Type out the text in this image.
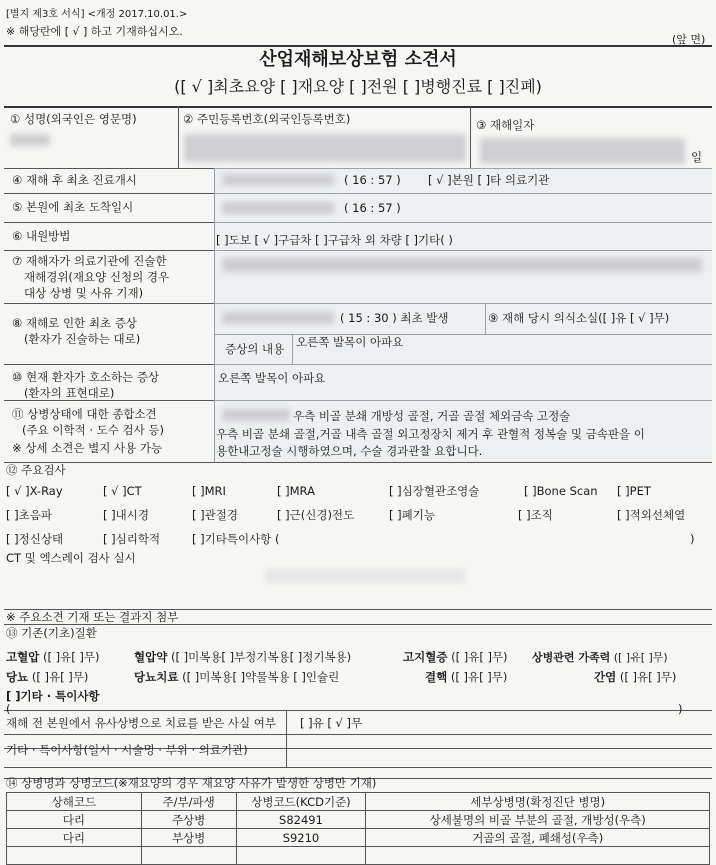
[별지 제3호 서식] <개정 2017.10.01.>
※ 해당란에 [ √ ] 하고 기재하십시오.
(앞 면)
산업재해보상보험 소견서
([ √ ]최초요양 [ ]재요양 [ ]전원 [ ]병행진료 [ ]진폐)
① 성명(외국인은 영문명)	② 주민등록번호(외국인등록번호)	③ 재해일자
일
④ 재해 후 최초 진료개시	( 16 : 57 ) [ √ ]본원 [ ]타 의료기관
⑤ 본원에 최초 도착일시	( 16 : 57 )
⑥ 내원방법	[ ]도보 [ √ ]구급차 [ ]구급차 외 차량 [ ]기타( )
⑦ 재해자가 의료기관에 진술한
재해경위(재요양 신청의 경우
대상 상병 및 사유 기재)
⑧ 재해로 인한 최초 증상
(환자가 진술하는 대로)
( 15 : 30 ) 최초 발생	⑨ 재해 당시 의식소실([ ]유 [ √ ]무)
증상의 내용 오른쪽 발목이 아파요
⑩ 현재 환자가 호소하는 증상
(환자의 표현대로)
오른쪽 발목이 아파요
⑪ 상병상태에 대한 종합소견
(주요 이학적 · 도수 검사 등)
※ 상세 소견은 별지 사용 가능
우측 비골 분쇄 개방성 골절, 거골 골절 체외금속 고정술
우측 비골 분쇄 골절,거골 내측 골절 외고정장치 제거 후 관혈적 정복술 및 금속판을 이
용한내고정술 시행하였으며, 수술 경과관찰 요합니다.
⑫ 주요검사
[ √ ]X-Ray	[ √ ]CT	[ ]MRI	[ ]MRA	[ ]심장혈관조영술	[ ]Bone Scan [ ]PET
[ ]초음파	[ ]내시경	[ ]관절경	[ ]근(신경)전도	[ ]폐기능	[ ]조직	[ ]적외선체열
[ ]정신상태	[ ]심리학적	[ ]기타특이사항 (	)
CT 및 엑스레이 검사 실시
※ 주요소견 기재 또는 결과지 첨부
⑬ 기존(기초)질환
고혈압 ([ ]유[ ]무)	혈압약 ([ ]미복용[ ]부정기복용[ ]정기복용)	고지혈증 ([ ]유[ ]무) 상병관련 가족력 ([ ]유[ ]무)
당뇨 ([ ]유[ ]무)	당뇨치료 ([ ]미복용[ ]약물복용 [ ]인슐린	결핵 ([ ]유[ ]무)	간염 ([ ]유[ ]무)
[ ]기타 · 특이사항
(	)
재해 전 본원에서 유사상병으로 치료를 받은 사실 여부 [ ]유 [ √ ]무
기타 · 특이사항(일시 · 시술명 · 부위 · 의료기관)
⑭ 상병명과 상병코드(※재요양의 경우 재요양 사유가 발생한 상병만 기재)
상해코드	주/부/파생	상병코드(KCD기준)	세부상병명(확정진단 병명)
다리	주상병	S82491	상세불명의 비골 부분의 골절, 개방성(우측)
다리	부상병	S9210	거골의 골절, 폐쇄성(우측)
